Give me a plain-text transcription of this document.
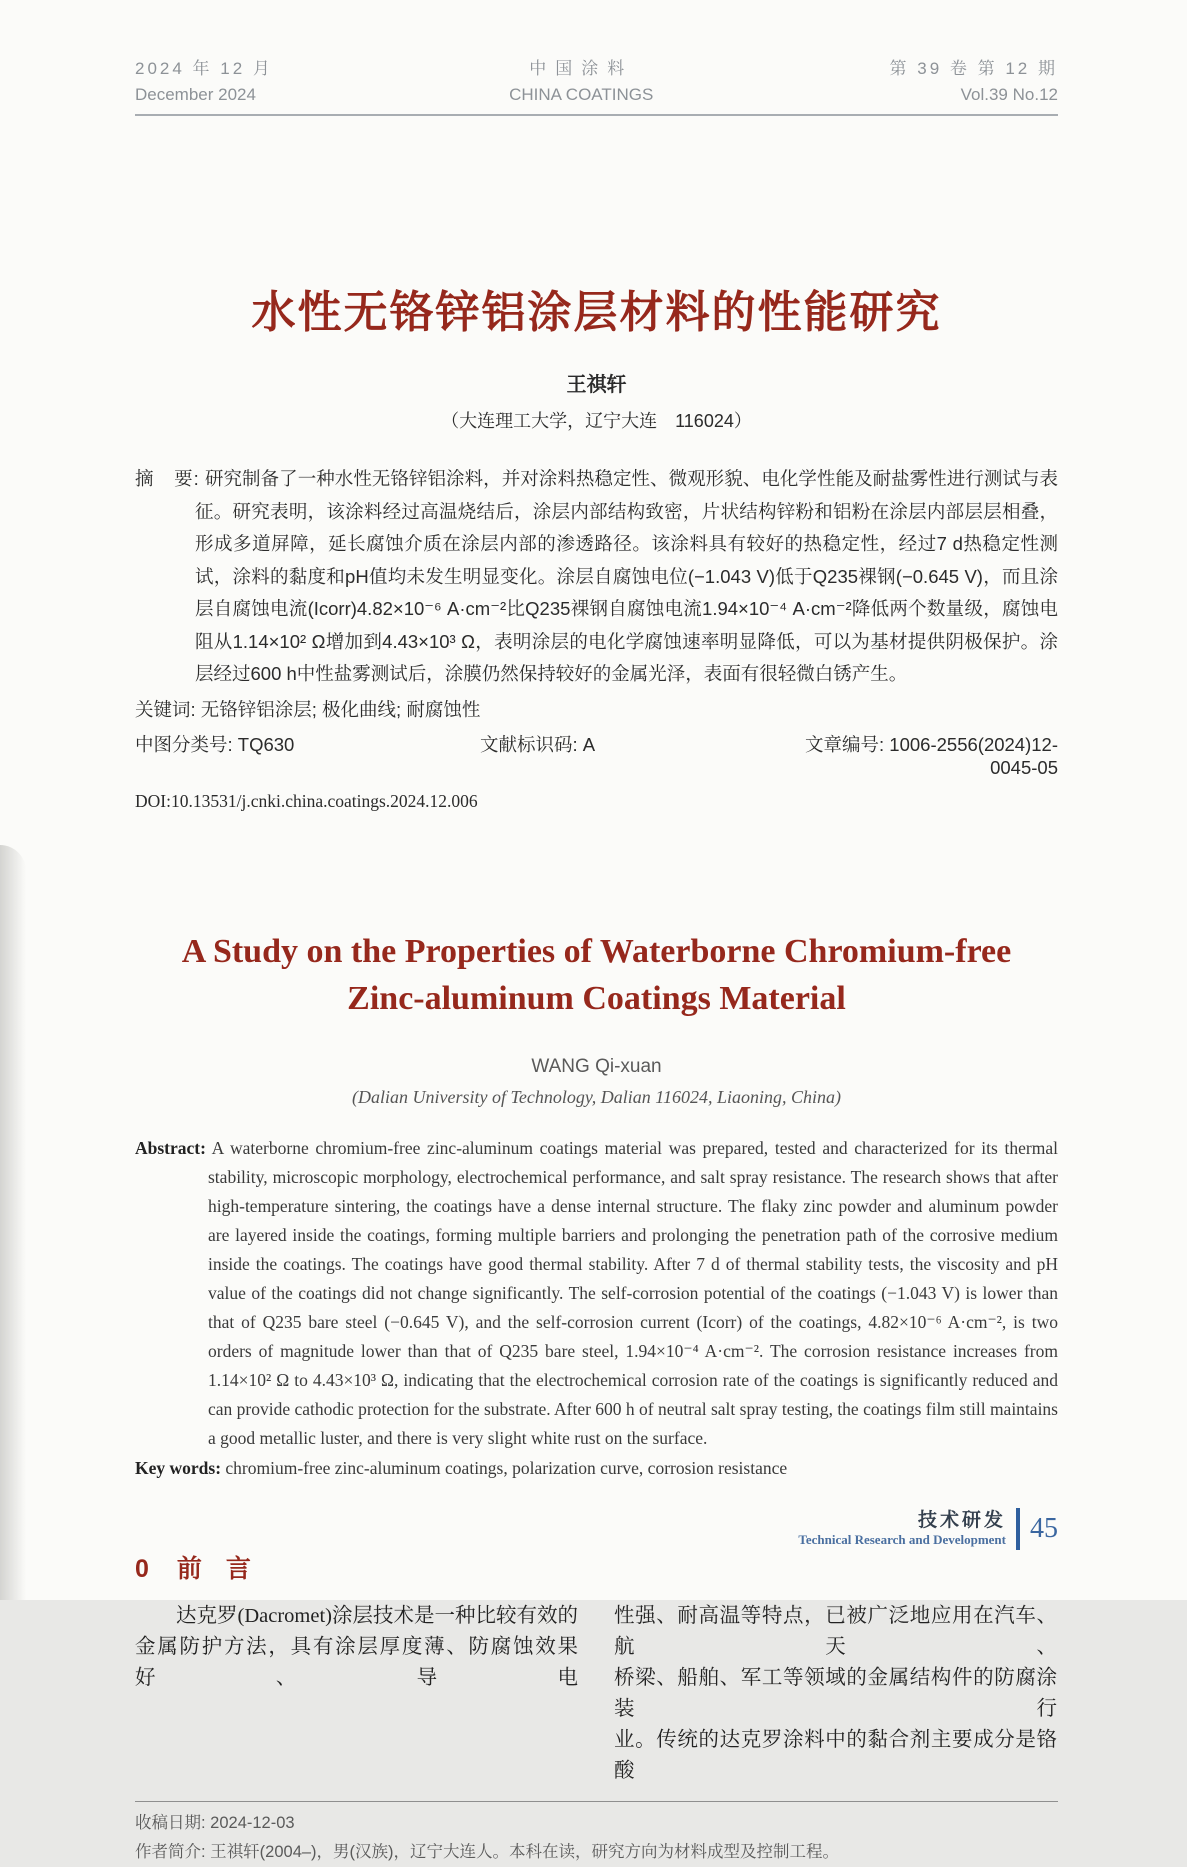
2024 年 12 月
December 2024
中国涂料
CHINA COATINGS
第 39 卷 第 12 期
Vol.39 No.12
水性无铬锌铝涂层材料的性能研究
王祺轩
（大连理工大学，辽宁大连　116024）
摘　要: 研究制备了一种水性无铬锌铝涂料，并对涂料热稳定性、微观形貌、电化学性能及耐盐雾性进行测试与表征。研究表明，该涂料经过高温烧结后，涂层内部结构致密，片状结构锌粉和铝粉在涂层内部层层相叠，形成多道屏障，延长腐蚀介质在涂层内部的渗透路径。该涂料具有较好的热稳定性，经过7 d热稳定性测试，涂料的黏度和pH值均未发生明显变化。涂层自腐蚀电位(−1.043 V)低于Q235裸钢(−0.645 V)，而且涂层自腐蚀电流(Icorr)4.82×10⁻⁶ A·cm⁻²比Q235裸钢自腐蚀电流1.94×10⁻⁴ A·cm⁻²降低两个数量级，腐蚀电阻从1.14×10² Ω增加到4.43×10³ Ω，表明涂层的电化学腐蚀速率明显降低，可以为基材提供阴极保护。涂层经过600 h中性盐雾测试后，涂膜仍然保持较好的金属光泽，表面有很轻微白锈产生。
关键词: 无铬锌铝涂层; 极化曲线; 耐腐蚀性
中图分类号: TQ630	文献标识码: A	文章编号: 1006-2556(2024)12-0045-05
DOI:10.13531/j.cnki.china.coatings.2024.12.006
A Study on the Properties of Waterborne Chromium-free
Zinc-aluminum Coatings Material
WANG Qi-xuan
(Dalian University of Technology, Dalian 116024, Liaoning, China)
Abstract: A waterborne chromium-free zinc-aluminum coatings material was prepared, tested and characterized for its thermal stability, microscopic morphology, electrochemical performance, and salt spray resistance. The research shows that after high-temperature sintering, the coatings have a dense internal structure. The flaky zinc powder and aluminum powder are layered inside the coatings, forming multiple barriers and prolonging the penetration path of the corrosive medium inside the coatings. The coatings have good thermal stability. After 7 d of thermal stability tests, the viscosity and pH value of the coatings did not change significantly. The self-corrosion potential of the coatings (−1.043 V) is lower than that of Q235 bare steel (−0.645 V), and the self-corrosion current (Icorr) of the coatings, 4.82×10⁻⁶ A·cm⁻², is two orders of magnitude lower than that of Q235 bare steel, 1.94×10⁻⁴ A·cm⁻². The corrosion resistance increases from 1.14×10² Ω to 4.43×10³ Ω, indicating that the electrochemical corrosion rate of the coatings is significantly reduced and can provide cathodic protection for the substrate. After 600 h of neutral salt spray testing, the coatings film still maintains a good metallic luster, and there is very slight white rust on the surface.
Key words: chromium-free zinc-aluminum coatings, polarization curve, corrosion resistance
0 前言
达克罗(Dacromet)涂层技术是一种比较有效的
金属防护方法，具有涂层厚度薄、防腐蚀效果好、导电
性强、耐高温等特点，已被广泛地应用在汽车、航天、
桥梁、船舶、军工等领域的金属结构件的防腐涂装行
业。传统的达克罗涂料中的黏合剂主要成分是铬酸
收稿日期: 2024-12-03
作者简介: 王祺轩(2004–)，男(汉族)，辽宁大连人。本科在读，研究方向为材料成型及控制工程。
技术研发
Technical Research and Development 45
